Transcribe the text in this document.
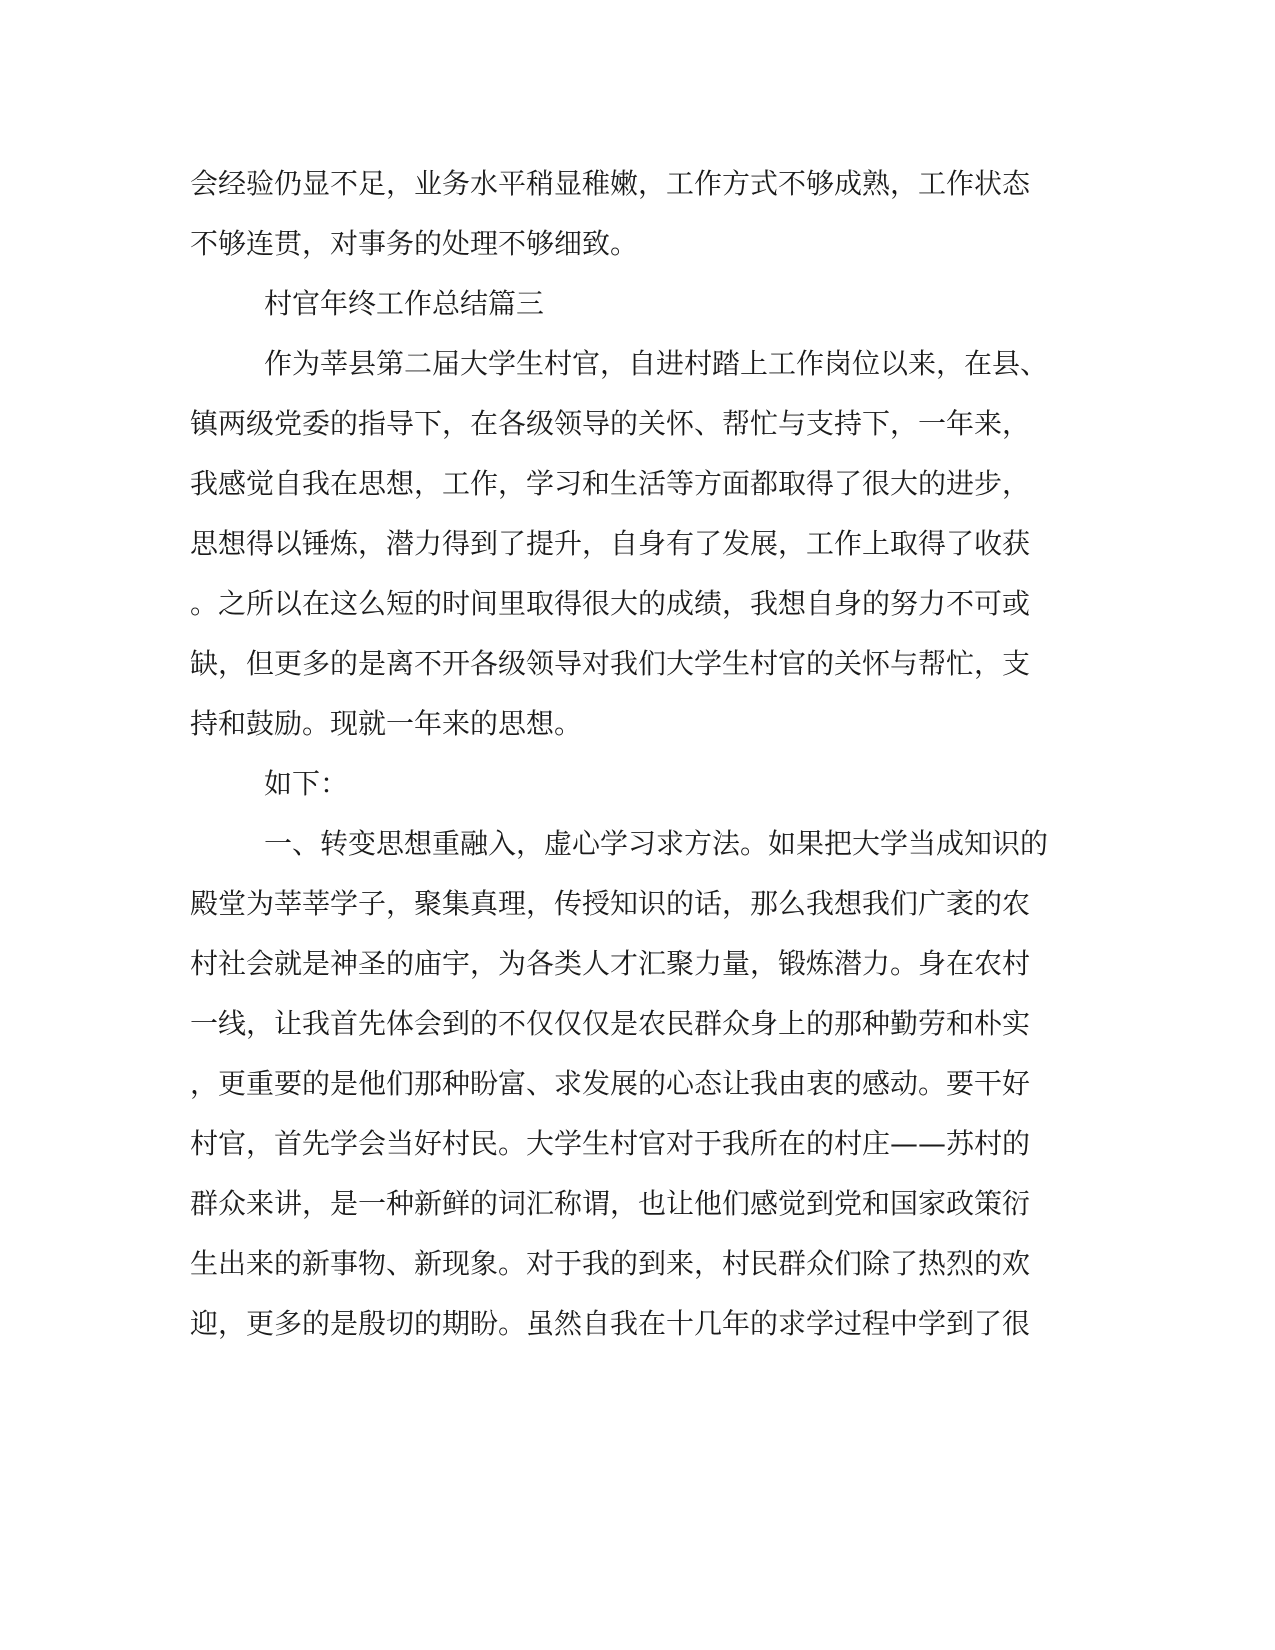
会经验仍显不足，业务水平稍显稚嫩，工作方式不够成熟，工作状态
不够连贯，对事务的处理不够细致。
村官年终工作总结篇三
作为莘县第二届大学生村官，自进村踏上工作岗位以来，在县、
镇两级党委的指导下，在各级领导的关怀、帮忙与支持下，一年来，
我感觉自我在思想，工作，学习和生活等方面都取得了很大的进步，
思想得以锤炼，潜力得到了提升，自身有了发展，工作上取得了收获
。之所以在这么短的时间里取得很大的成绩，我想自身的努力不可或
缺，但更多的是离不开各级领导对我们大学生村官的关怀与帮忙，支
持和鼓励。现就一年来的思想。
如下：
一、转变思想重融入，虚心学习求方法。如果把大学当成知识的
殿堂为莘莘学子，聚集真理，传授知识的话，那么我想我们广袤的农
村社会就是神圣的庙宇，为各类人才汇聚力量，锻炼潜力。身在农村
一线，让我首先体会到的不仅仅仅是农民群众身上的那种勤劳和朴实
，更重要的是他们那种盼富、求发展的心态让我由衷的感动。要干好
村官，首先学会当好村民。大学生村官对于我所在的村庄——苏村的
群众来讲，是一种新鲜的词汇称谓，也让他们感觉到党和国家政策衍
生出来的新事物、新现象。对于我的到来，村民群众们除了热烈的欢
迎，更多的是殷切的期盼。虽然自我在十几年的求学过程中学到了很
